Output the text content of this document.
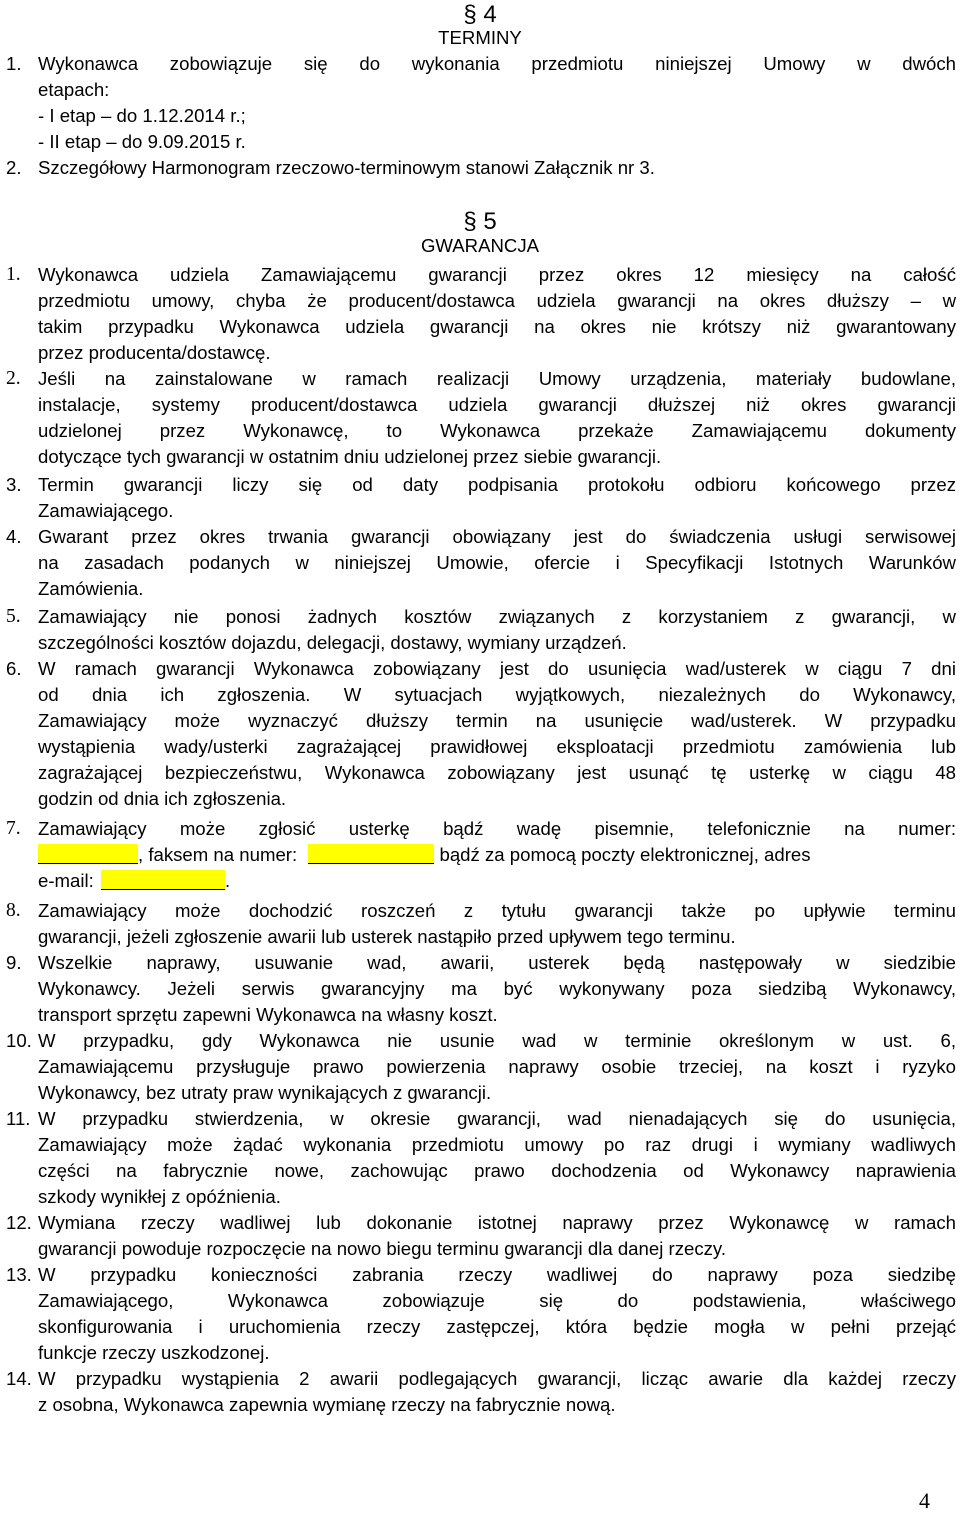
§ 4
TERMINY
1. Wykonawca zobowiązuje się do wykonania przedmiotu niniejszej Umowy w dwóch
etapach:
- I etap – do 1.12.2014 r.;
- II etap – do 9.09.2015 r.
2. Szczegółowy Harmonogram rzeczowo-terminowym stanowi Załącznik nr 3.
§ 5
GWARANCJA
1. Wykonawca udziela Zamawiającemu gwarancji przez okres 12 miesięcy na całość
przedmiotu umowy, chyba że producent/dostawca udziela gwarancji na okres dłuższy – w
takim przypadku Wykonawca udziela gwarancji na okres nie krótszy niż gwarantowany
przez producenta/dostawcę.
2. Jeśli na zainstalowane w ramach realizacji Umowy urządzenia, materiały budowlane,
instalacje, systemy producent/dostawca udziela gwarancji dłuższej niż okres gwarancji
udzielonej przez Wykonawcę, to Wykonawca przekaże Zamawiającemu dokumenty
dotyczące tych gwarancji w ostatnim dniu udzielonej przez siebie gwarancji.
3. Termin gwarancji liczy się od daty podpisania protokołu odbioru końcowego przez
Zamawiającego.
4. Gwarant przez okres trwania gwarancji obowiązany jest do świadczenia usługi serwisowej
na zasadach podanych w niniejszej Umowie, ofercie i Specyfikacji Istotnych Warunków
Zamówienia.
5. Zamawiający nie ponosi żadnych kosztów związanych z korzystaniem z gwarancji, w
szczególności kosztów dojazdu, delegacji, dostawy, wymiany urządzeń.
6. W ramach gwarancji Wykonawca zobowiązany jest do usunięcia wad/usterek w ciągu 7 dni
od dnia ich zgłoszenia. W sytuacjach wyjątkowych, niezależnych do Wykonawcy,
Zamawiający może wyznaczyć dłuższy termin na usunięcie wad/usterek. W przypadku
wystąpienia wady/usterki zagrażającej prawidłowej eksploatacji przedmiotu zamówienia lub
zagrażającej bezpieczeństwu, Wykonawca zobowiązany jest usunąć tę usterkę w ciągu 48
godzin od dnia ich zgłoszenia.
7. Zamawiający może zgłosić usterkę bądź wadę pisemnie, telefonicznie na numer:
, faksem na numer:	bądź za pomocą poczty elektronicznej, adres
e-mail:	.
8. Zamawiający może dochodzić roszczeń z tytułu gwarancji także po upływie terminu
gwarancji, jeżeli zgłoszenie awarii lub usterek nastąpiło przed upływem tego terminu.
9. Wszelkie naprawy, usuwanie wad, awarii, usterek będą następowały w siedzibie
Wykonawcy. Jeżeli serwis gwarancyjny ma być wykonywany poza siedzibą Wykonawcy,
transport sprzętu zapewni Wykonawca na własny koszt.
10. W przypadku, gdy Wykonawca nie usunie wad w terminie określonym w ust. 6,
Zamawiającemu przysługuje prawo powierzenia naprawy osobie trzeciej, na koszt i ryzyko
Wykonawcy, bez utraty praw wynikających z gwarancji.
11. W przypadku stwierdzenia, w okresie gwarancji, wad nienadających się do usunięcia,
Zamawiający może żądać wykonania przedmiotu umowy po raz drugi i wymiany wadliwych
części na fabrycznie nowe, zachowując prawo dochodzenia od Wykonawcy naprawienia
szkody wynikłej z opóźnienia.
12. Wymiana rzeczy wadliwej lub dokonanie istotnej naprawy przez Wykonawcę w ramach
gwarancji powoduje rozpoczęcie na nowo biegu terminu gwarancji dla danej rzeczy.
13. W przypadku konieczności zabrania rzeczy wadliwej do naprawy poza siedzibę
Zamawiającego, Wykonawca zobowiązuje się do podstawienia, właściwego
skonfigurowania i uruchomienia rzeczy zastępczej, która będzie mogła w pełni przejąć
funkcje rzeczy uszkodzonej.
14. W przypadku wystąpienia 2 awarii podlegających gwarancji, licząc awarie dla każdej rzeczy
z osobna, Wykonawca zapewnia wymianę rzeczy na fabrycznie nową.
4
